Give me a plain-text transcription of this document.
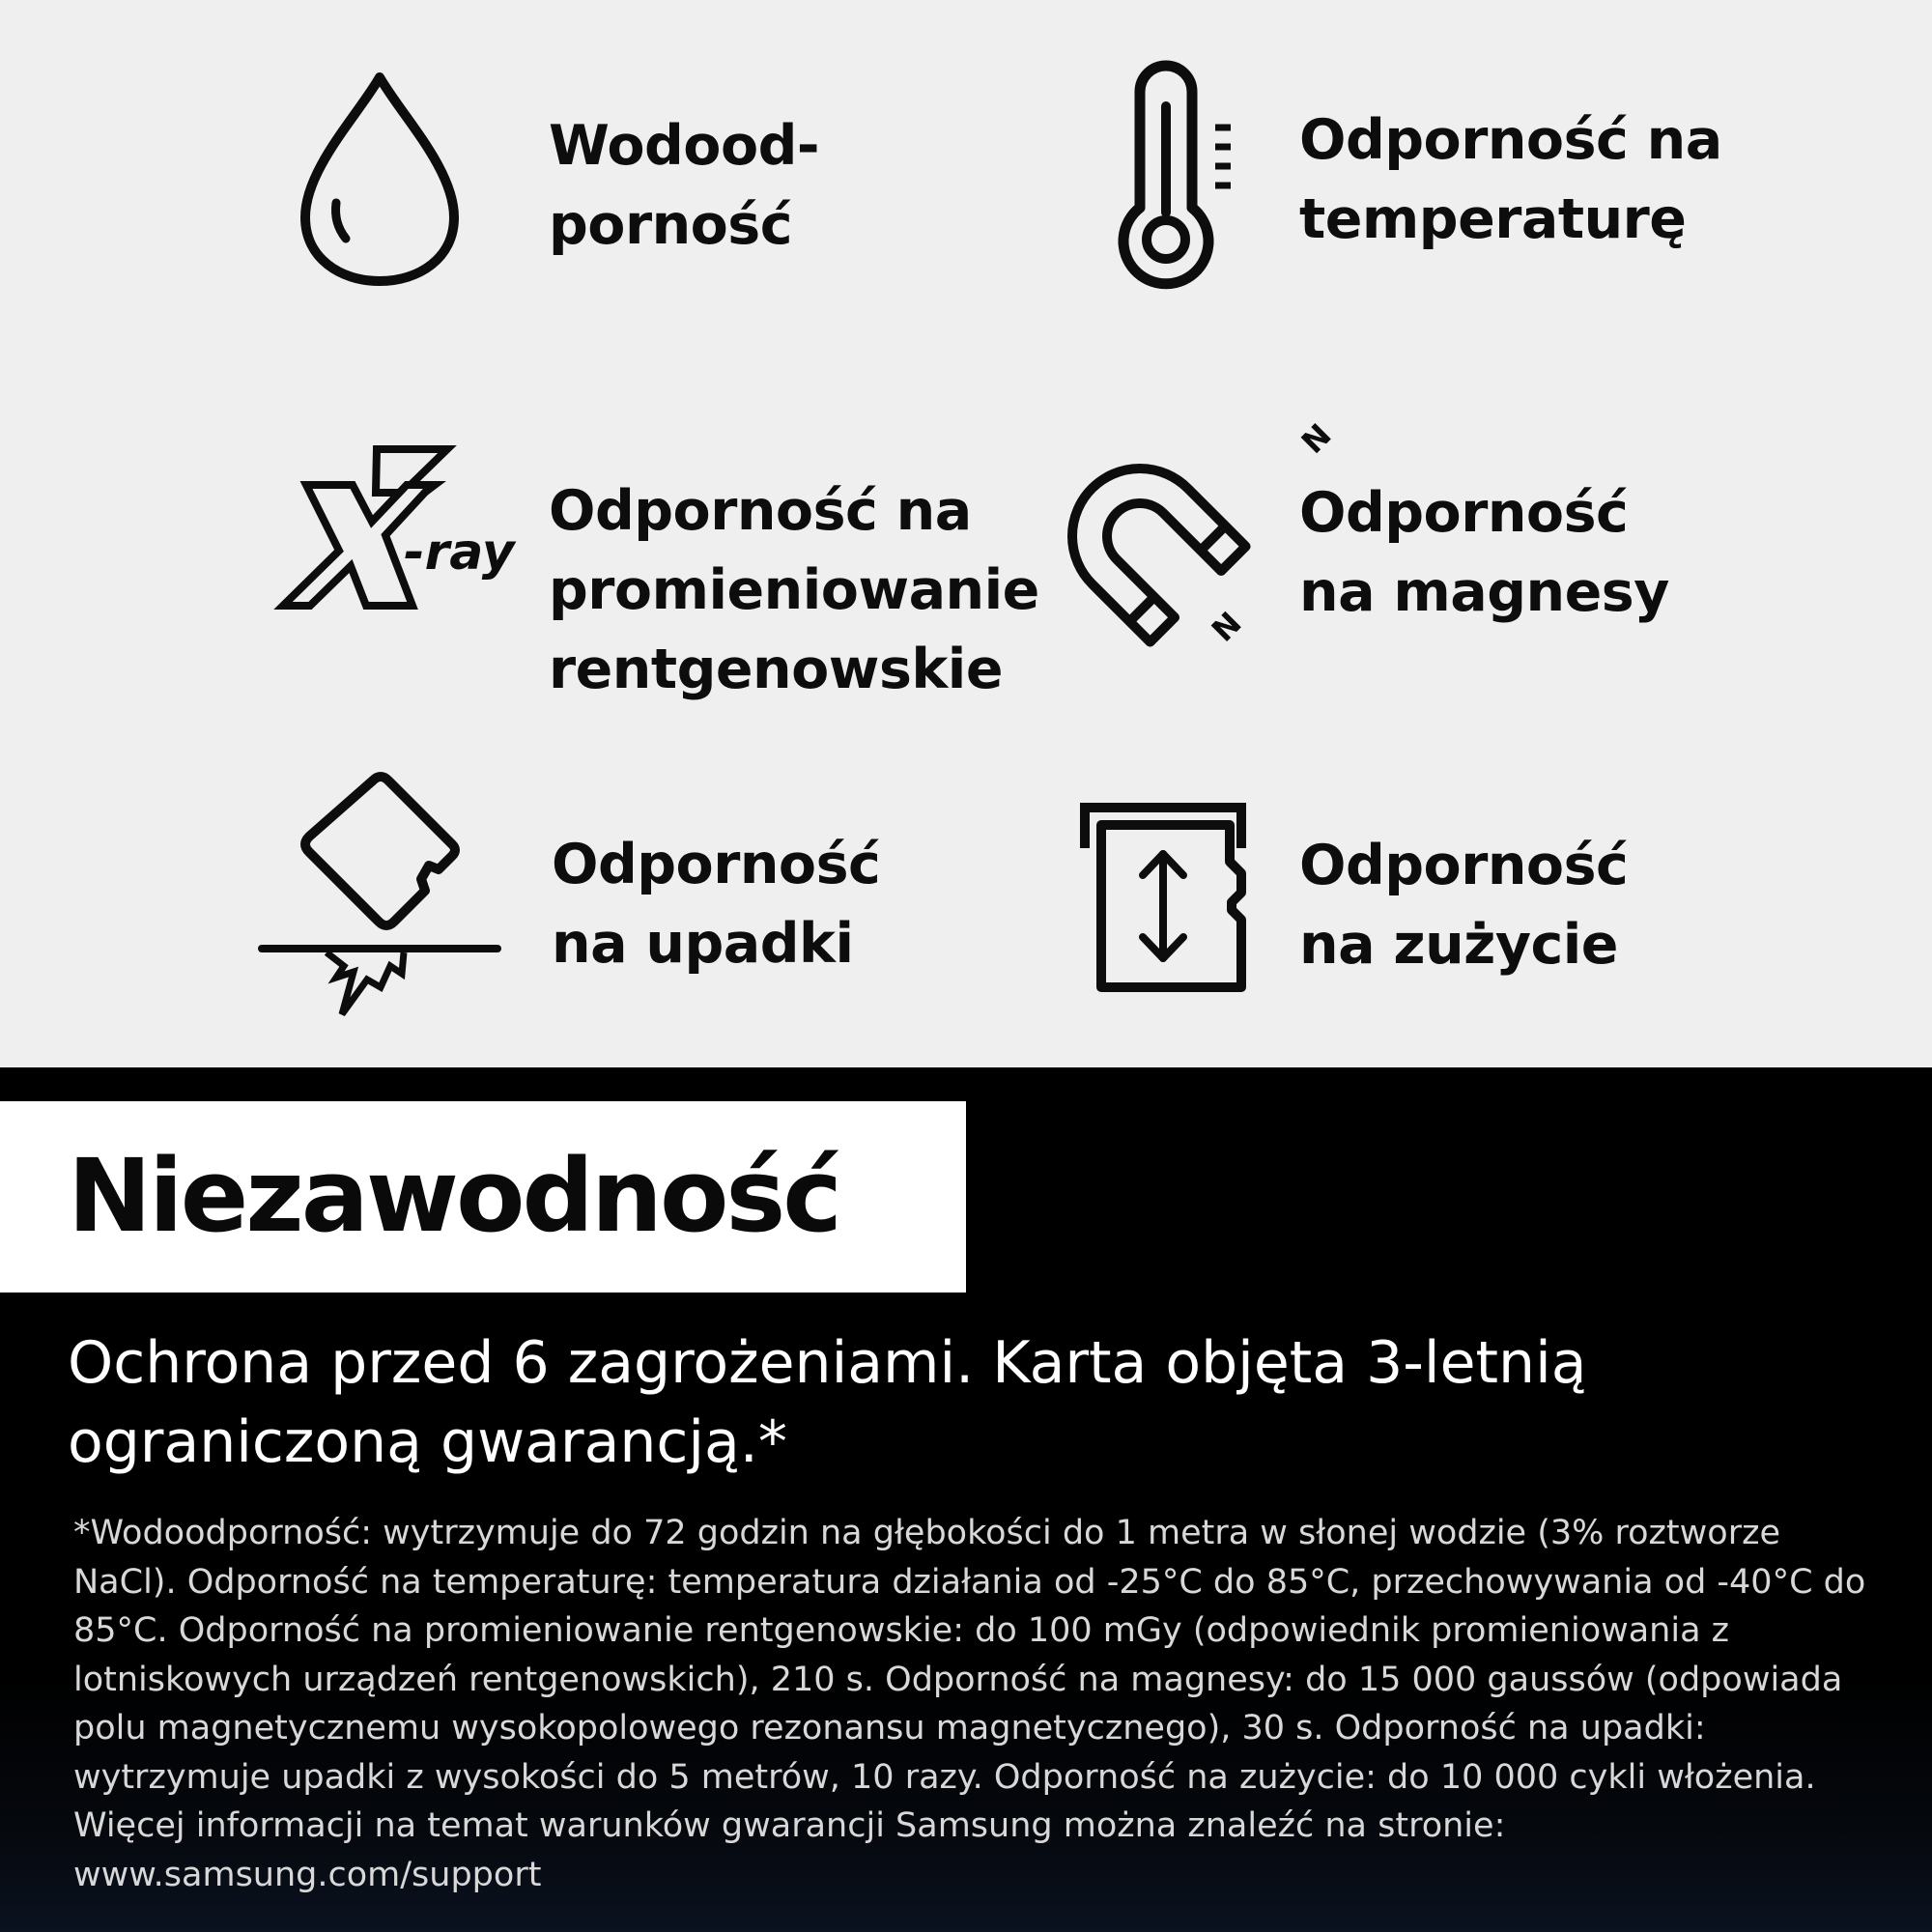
Wodood-
porność
Odporność na
temperaturę
-ray
Odporność na
promieniowanie
rentgenowskie
N
N
Odporność
na magnesy
Odporność
na upadki
Odporność
na zużycie
Niezawodność
Ochrona przed 6 zagrożeniami. Karta objęta 3-letnią ograniczoną gwarancją.*
*Wodoodporność: wytrzymuje do 72 godzin na głębokości do 1 metra w słonej wodzie (3% roztworze NaCl). Odporność na temperaturę: temperatura działania od -25°C do 85°C, przechowywania od -40°C do 85°C. Odporność na promieniowanie rentgenowskie: do 100 mGy (odpowiednik promieniowania z lotniskowych urządzeń rentgenowskich), 210 s. Odporność na magnesy: do 15 000 gaussów (odpowiada polu magnetycznemu wysokopolowego rezonansu magnetycznego), 30 s. Odporność na upadki: wytrzymuje upadki z wysokości do 5 metrów, 10 razy. Odporność na zużycie: do 10 000 cykli włożenia. Więcej informacji na temat warunków gwarancji Samsung można znaleźć na stronie: www.samsung.com/support
